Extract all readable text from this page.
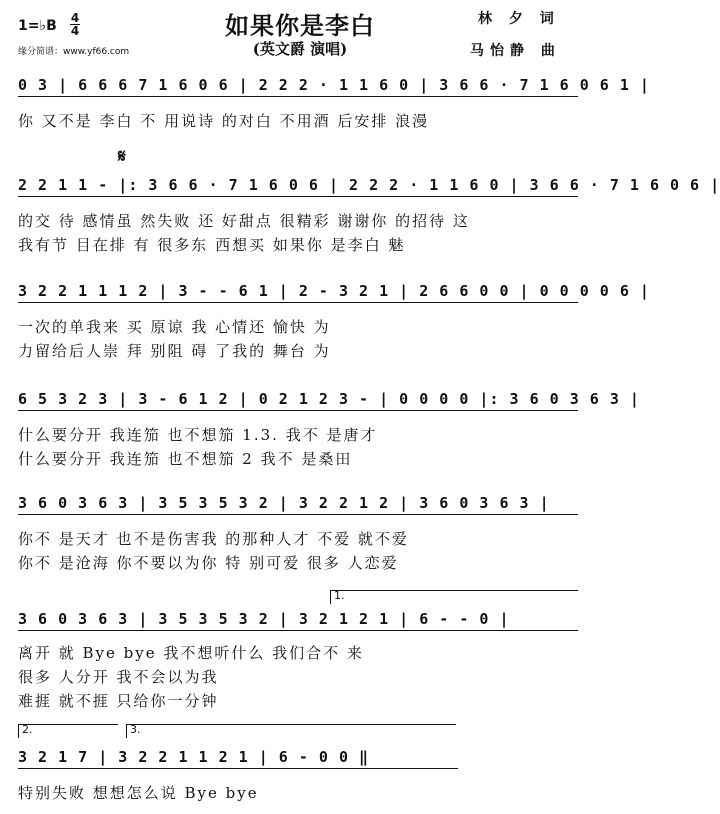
如果你是李白
(英文爵 演唱)
林 夕 词
马怡静 曲
1=♭B 4
4
缘分简谱：www.yf66.com
0 3 | 6 6 6 7 1 6 0 6 | 2 2 2 · 1 1 6 0 | 3 6 6 · 7 1 6 0 6 1 |
你 又不是 李白 不 用说诗 的对白 不用酒 后安排 浪漫
𝄋
2 2 1 1 - |: 3 6 6 · 7 1 6 0 6 | 2 2 2 · 1 1 6 0 | 3 6 6 · 7 1 6 0 6 |
的交 待 感情虽 然失败 还 好甜点 很精彩 谢谢你 的招待 这
我有节 目在排 有 很多东 西想买 如果你 是李白 魅
3 2 2 1 1 1 2 | 3 - - 6 1 | 2 - 3 2 1 | 2 6 6 0 0 | 0 0 0 0 6 |
一次的单我来 买 原谅 我 心情还 愉快 为
力留给后人崇 拜 别阻 碍 了我的 舞台 为
6 5 3 2 3 | 3 - 6 1 2 | 0 2 1 2 3 - | 0 0 0 0 |: 3 6 0 3 6 3 |
什么要分开 我连笳 也不想笳 1.3. 我不 是唐才
什么要分开 我连笳 也不想笳 2 我不 是桑田
3 6 0 3 6 3 | 3 5 3 5 3 2 | 3 2 2 1 2 | 3 6 0 3 6 3 |
你不 是天才 也不是伤害我 的那种人才 不爱 就不爱
你不 是沧海 你不要以为你 特 别可爱 很多 人恋爱
1.
3 6 0 3 6 3 | 3 5 3 5 3 2 | 3 2 1 2 1 | 6 - - 0 |
离开 就 Bye bye 我不想听什么 我们合不 来
很多 人分开 我不会以为我
难捱 就不捱 只给你一分钟
2.	3.
3 2 1 7 | 3 2 2 1 1 2 1 | 6 - 0 0 ‖
特别失败 想想怎么说 Bye bye
